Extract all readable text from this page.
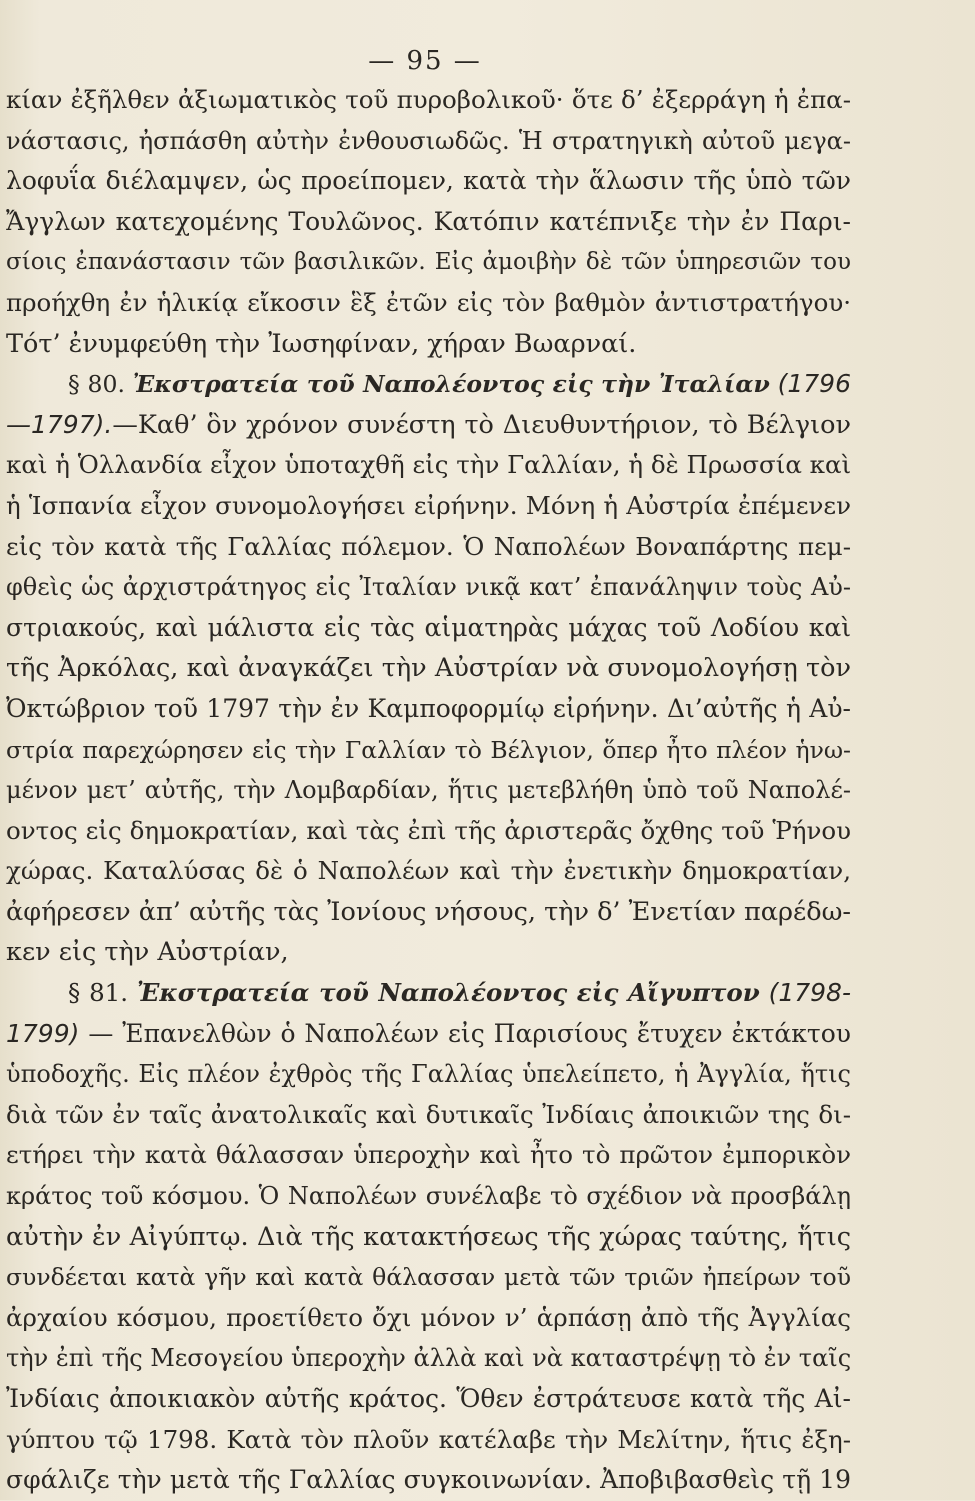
— 95 —
κίαν ἐξῆλθεν ἀξιωματικὸς τοῦ πυροβολικοῦ· ὅτε δ’ ἐξερράγη ἡ ἐπα-
νάστασις, ἠσπάσθη αὐτὴν ἐνθουσιωδῶς. Ἡ στρατηγικὴ αὐτοῦ μεγα-
λοφυΐα διέλαμψεν, ὡς προείπομεν, κατὰ τὴν ἅλωσιν τῆς ὑπὸ τῶν
Ἄγγλων κατεχομένης Τουλῶνος. Κατόπιν κατέπνιξε τὴν ἐν Παρι-
σίοις ἐπανάστασιν τῶν βασιλικῶν. Εἰς ἀμοιβὴν δὲ τῶν ὑπηρεσιῶν του
προήχθη ἐν ἡλικίᾳ εἴκοσιν ἓξ ἐτῶν εἰς τὸν βαθμὸν ἀντιστρατήγου·
Τότ’ ἐνυμφεύθη τὴν Ἰωσηφίναν, χήραν Βωαρναί.
§ 80. Ἐκστρατεία τοῦ Ναπολέοντος εἰς τὴν Ἰταλίαν (1796
—1797).—Καθ’ ὃν χρόνον συνέστη τὸ Διευθυντήριον, τὸ Βέλγιον
καὶ ἡ Ὁλλανδία εἶχον ὑποταχθῆ εἰς τὴν Γαλλίαν, ἡ δὲ Πρωσσία καὶ
ἡ Ἱσπανία εἶχον συνομολογήσει εἰρήνην. Μόνη ἡ Αὐστρία ἐπέμενεν
εἰς τὸν κατὰ τῆς Γαλλίας πόλεμον. Ὁ Ναπολέων Βοναπάρτης πεμ-
φθεὶς ὡς ἀρχιστράτηγος εἰς Ἰταλίαν νικᾷ κατ’ ἐπανάληψιν τοὺς Αὐ-
στριακούς, καὶ μάλιστα εἰς τὰς αἱματηρὰς μάχας τοῦ Λοδίου καὶ
τῆς Ἀρκόλας, καὶ ἀναγκάζει τὴν Αὐστρίαν νὰ συνομολογήσῃ τὸν
Ὀκτώβριον τοῦ 1797 τὴν ἐν Καμποφορμίῳ εἰρήνην. Δι’αὐτῆς ἡ Αὐ-
στρία παρεχώρησεν εἰς τὴν Γαλλίαν τὸ Βέλγιον, ὅπερ ἦτο πλέον ἡνω-
μένον μετ’ αὐτῆς, τὴν Λομβαρδίαν, ἥτις μετεβλήθη ὑπὸ τοῦ Ναπολέ-
οντος εἰς δημοκρατίαν, καὶ τὰς ἐπὶ τῆς ἀριστερᾶς ὄχθης τοῦ Ῥήνου
χώρας. Καταλύσας δὲ ὁ Ναπολέων καὶ τὴν ἐνετικὴν δημοκρατίαν,
ἀφήρεσεν ἀπ’ αὐτῆς τὰς Ἰονίους νήσους, τὴν δ’ Ἐνετίαν παρέδω-
κεν εἰς τὴν Αὐστρίαν,
§ 81. Ἐκστρατεία τοῦ Ναπολέοντος εἰς Αἴγυπτον (1798-
1799) — Ἐπανελθὼν ὁ Ναπολέων εἰς Παρισίους ἔτυχεν ἐκτάκτου
ὑποδοχῆς. Εἰς πλέον ἐχθρὸς τῆς Γαλλίας ὑπελείπετο, ἡ Ἀγγλία, ἥτις
διὰ τῶν ἐν ταῖς ἀνατολικαῖς καὶ δυτικαῖς Ἰνδίαις ἀποικιῶν της δι-
ετήρει τὴν κατὰ θάλασσαν ὑπεροχὴν καὶ ἦτο τὸ πρῶτον ἐμπορικὸν
κράτος τοῦ κόσμου. Ὁ Ναπολέων συνέλαβε τὸ σχέδιον νὰ προσβάλῃ
αὐτὴν ἐν Αἰγύπτῳ. Διὰ τῆς κατακτήσεως τῆς χώρας ταύτης, ἥτις
συνδέεται κατὰ γῆν καὶ κατὰ θάλασσαν μετὰ τῶν τριῶν ἠπείρων τοῦ
ἀρχαίου κόσμου, προετίθετο ὄχι μόνον ν’ ἁρπάσῃ ἀπὸ τῆς Ἀγγλίας
τὴν ἐπὶ τῆς Μεσογείου ὑπεροχὴν ἀλλὰ καὶ νὰ καταστρέψῃ τὸ ἐν ταῖς
Ἰνδίαις ἀποικιακὸν αὐτῆς κράτος. Ὅθεν ἐστράτευσε κατὰ τῆς Αἰ-
γύπτου τῷ 1798. Κατὰ τὸν πλοῦν κατέλαβε τὴν Μελίτην, ἥτις ἐξη-
σφάλιζε τὴν μετὰ τῆς Γαλλίας συγκοινωνίαν. Ἀποβιβασθεὶς τῇ 19
